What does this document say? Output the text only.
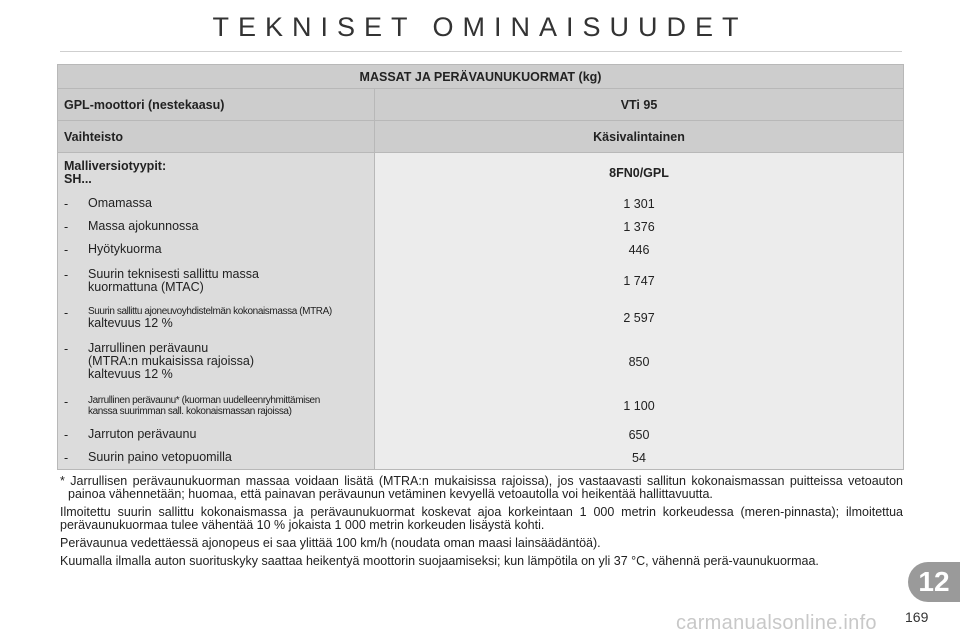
TEKNISET OMINAISUUDET
MASSAT JA PERÄVAUNUKUORMAT (kg)	
GPL-moottori (nestekaasu)	VTi 95
Vaihteisto	Käsivalintainen

Malliversiotyypit:
SH...	8FN0/GPL

- Omamassa	1 301

- Massa ajokunnossa	1 376

- Hyötykuorma	446

- Suurin teknisesti sallittu massa
kuormattuna (MTAC)	1 747

- Suurin sallittu ajoneuvoyhdistelmän kokonaismassa (MTRA)
kaltevuus 12 %	2 597

- Jarrullinen perävaunu
(MTRA:n mukaisissa rajoissa)
kaltevuus 12 %	850

- Jarrullinen perävaunu* (kuorman uudelleenryhmittämisen
kanssa suurimman sall. kokonaismassan rajoissa)	1 100

- Jarruton perävaunu	650

- Suurin paino vetopuomilla	54

* Jarrullisen perävaunukuorman massaa voidaan lisätä (MTRA:n mukaisissa rajoissa), jos vastaavasti sallitun kokonaismassan puitteissa vetoauton painoa vähennetään; huomaa, että painavan perävaunun vetäminen kevyellä vetoautolla voi heikentää hallittavuutta.

Ilmoitettu suurin sallittu kokonaismassa ja perävaunukuormat koskevat ajoa korkeintaan 1 000 metrin korkeudessa (meren-pinnasta); ilmoitettua perävaunukuormaa tulee vähentää 10 % jokaista 1 000 metrin korkeuden lisäystä kohti.

Perävaunua vedettäessä ajonopeus ei saa ylittää 100 km/h (noudata oman maasi lainsäädäntöä).

Kuumalla ilmalla auton suorituskyky saattaa heikentyä moottorin suojaamiseksi; kun lämpötila on yli 37 °C, vähennä perä-vaunukuormaa.

12
169
carmanualsonline.info
